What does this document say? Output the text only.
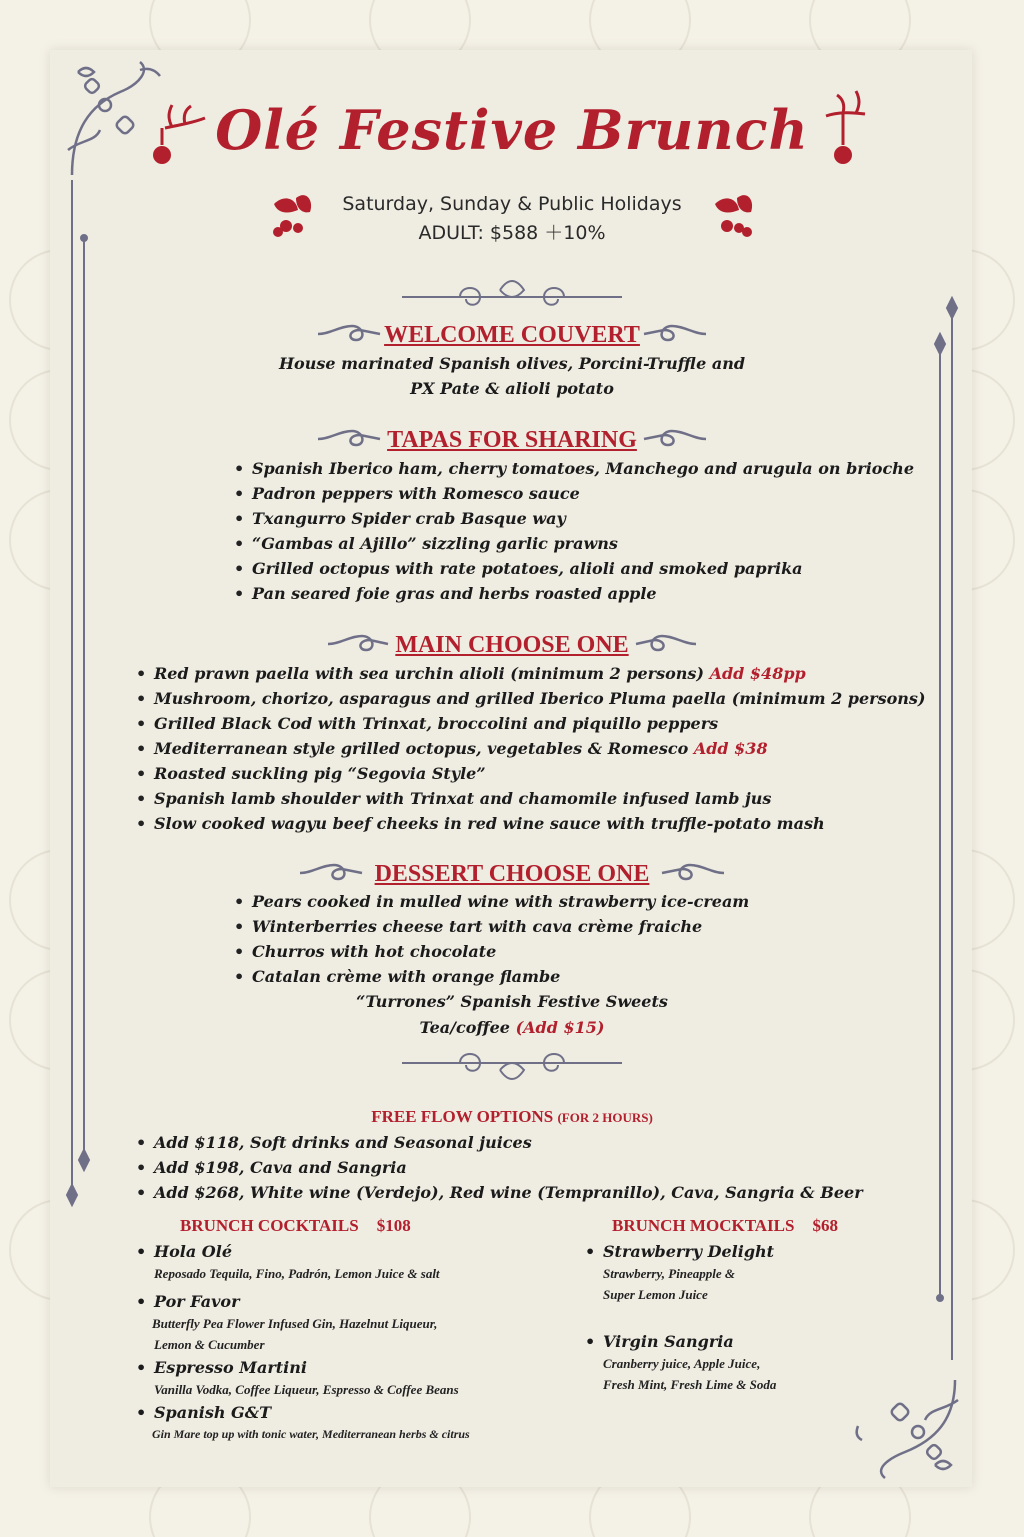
Olé Festive Brunch
Saturday, Sunday & Public Holidays
ADULT: $588 ＋10%
WELCOME COUVERT
House marinated Spanish olives, Porcini-Truffle and
PX Pate & alioli potato
TAPAS FOR SHARING
• Spanish Iberico ham, cherry tomatoes, Manchego and arugula on brioche
• Padron peppers with Romesco sauce
• Txangurro Spider crab Basque way
• “Gambas al Ajillo” sizzling garlic prawns
• Grilled octopus with rate potatoes, alioli and smoked paprika
• Pan seared foie gras and herbs roasted apple
MAIN CHOOSE ONE
• Red prawn paella with sea urchin alioli (minimum 2 persons) Add $48pp
• Mushroom, chorizo, asparagus and grilled Iberico Pluma paella (minimum 2 persons)
• Grilled Black Cod with Trinxat, broccolini and piquillo peppers
• Mediterranean style grilled octopus, vegetables & Romesco Add $38
• Roasted suckling pig “Segovia Style”
• Spanish lamb shoulder with Trinxat and chamomile infused lamb jus
• Slow cooked wagyu beef cheeks in red wine sauce with truffle-potato mash
DESSERT CHOOSE ONE
• Pears cooked in mulled wine with strawberry ice-cream
• Winterberries cheese tart with cava crème fraiche
• Churros with hot chocolate
• Catalan crème with orange flambe
“Turrones” Spanish Festive Sweets
Tea/coffee (Add $15)
FREE FLOW OPTIONS (FOR 2 HOURS)
• Add $118, Soft drinks and Seasonal juices
• Add $198, Cava and Sangria
• Add $268, White wine (Verdejo), Red wine (Tempranillo), Cava, Sangria & Beer
BRUNCH COCKTAILS $108
• Hola Olé
Reposado Tequila, Fino, Padrón, Lemon Juice & salt
• Por Favor
Butterfly Pea Flower Infused Gin, Hazelnut Liqueur,
Lemon & Cucumber
• Espresso Martini
Vanilla Vodka, Coffee Liqueur, Espresso & Coffee Beans
• Spanish G&T
Gin Mare top up with tonic water, Mediterranean herbs & citrus
BRUNCH MOCKTAILS $68
• Strawberry Delight
Strawberry, Pineapple &
Super Lemon Juice
• Virgin Sangria
Cranberry juice, Apple Juice,
Fresh Mint, Fresh Lime & Soda
